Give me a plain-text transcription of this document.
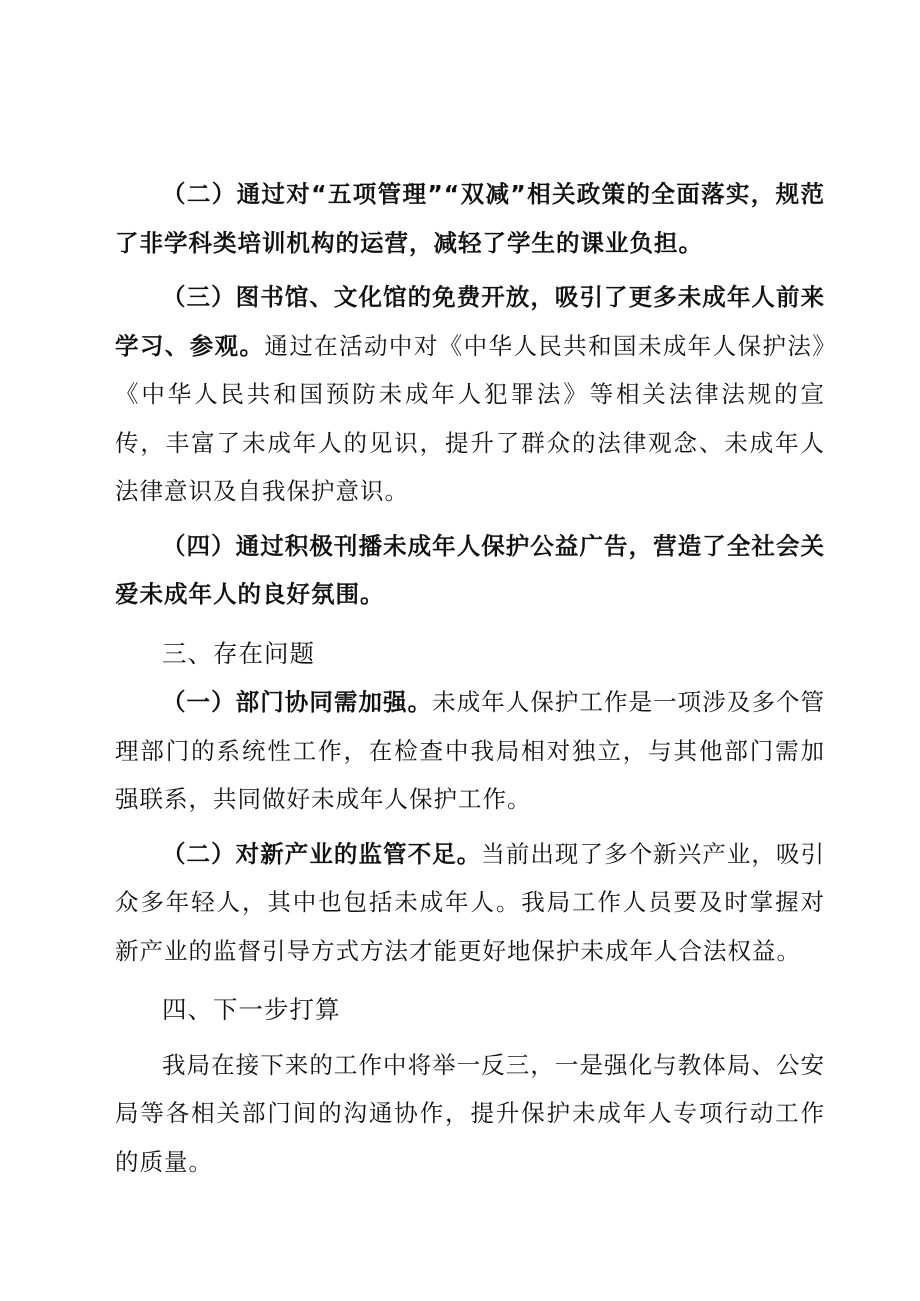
（二）通过对“五项管理”“双减”相关政策的全面落实，规范了非学科类培训机构的运营，减轻了学生的课业负担。

（三）图书馆、文化馆的免费开放，吸引了更多未成年人前来学习、参观。通过在活动中对《中华人民共和国未成年人保护法》《中华人民共和国预防未成年人犯罪法》等相关法律法规的宣传，丰富了未成年人的见识，提升了群众的法律观念、未成年人法律意识及自我保护意识。

（四）通过积极刊播未成年人保护公益广告，营造了全社会关爱未成年人的良好氛围。

三、存在问题

（一）部门协同需加强。未成年人保护工作是一项涉及多个管理部门的系统性工作，在检查中我局相对独立，与其他部门需加强联系，共同做好未成年人保护工作。

（二）对新产业的监管不足。当前出现了多个新兴产业，吸引众多年轻人，其中也包括未成年人。我局工作人员要及时掌握对新产业的监督引导方式方法才能更好地保护未成年人合法权益。

四、下一步打算

我局在接下来的工作中将举一反三，一是强化与教体局、公安局等各相关部门间的沟通协作，提升保护未成年人专项行动工作的质量。
